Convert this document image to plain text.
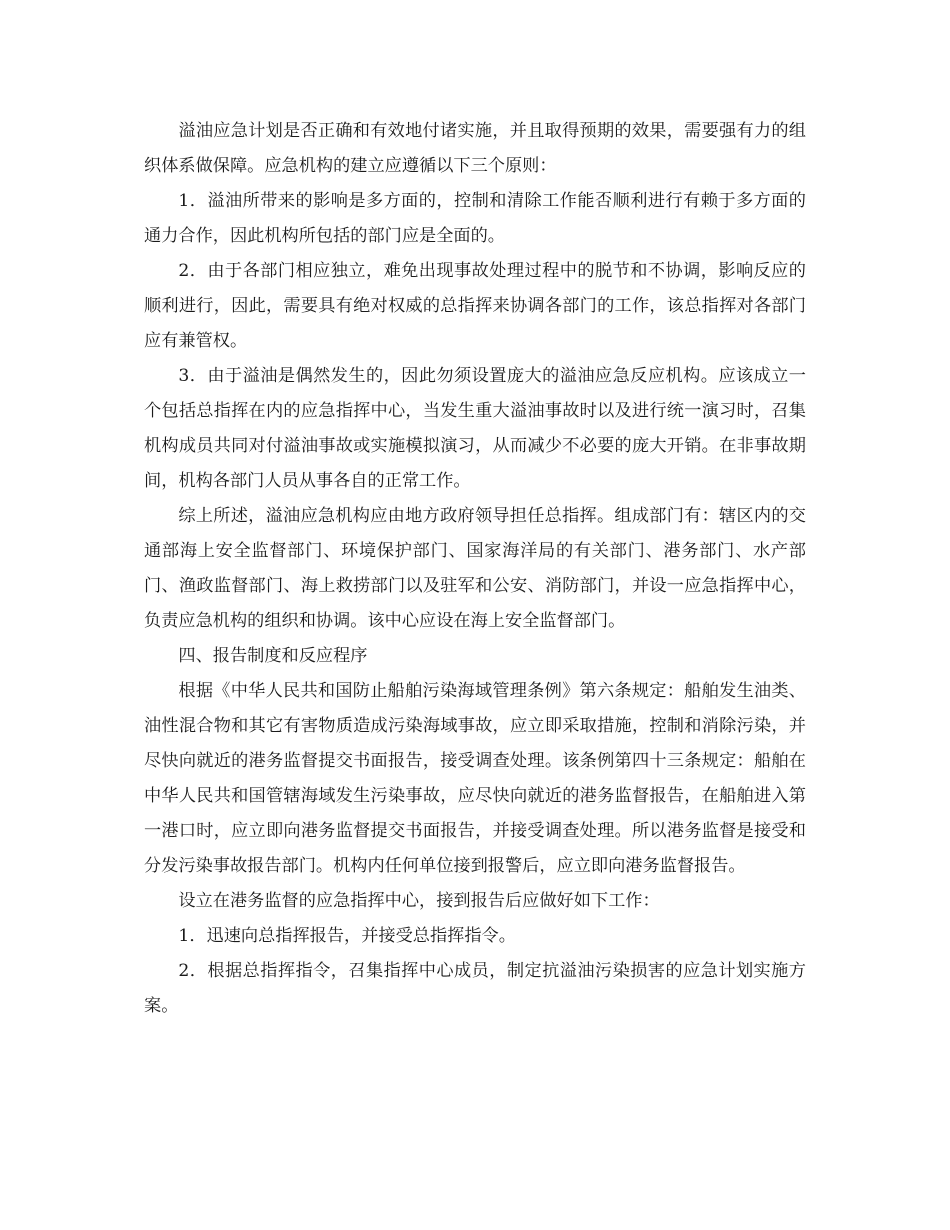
溢油应急计划是否正确和有效地付诸实施，并且取得预期的效果，需要强有力的组织体系做保障。应急机构的建立应遵循以下三个原则：

1．溢油所带来的影响是多方面的，控制和清除工作能否顺利进行有赖于多方面的通力合作，因此机构所包括的部门应是全面的。

2．由于各部门相应独立，难免出现事故处理过程中的脱节和不协调，影响反应的顺利进行，因此，需要具有绝对权威的总指挥来协调各部门的工作，该总指挥对各部门应有兼管权。

3．由于溢油是偶然发生的，因此勿须设置庞大的溢油应急反应机构。应该成立一个包括总指挥在内的应急指挥中心，当发生重大溢油事故时以及进行统一演习时，召集机构成员共同对付溢油事故或实施模拟演习，从而减少不必要的庞大开销。在非事故期间，机构各部门人员从事各自的正常工作。

综上所述，溢油应急机构应由地方政府领导担任总指挥。组成部门有：辖区内的交通部海上安全监督部门、环境保护部门、国家海洋局的有关部门、港务部门、水产部门、渔政监督部门、海上救捞部门以及驻军和公安、消防部门，并设一应急指挥中心，负责应急机构的组织和协调。该中心应设在海上安全监督部门。

四、报告制度和反应程序

根据《中华人民共和国防止船舶污染海域管理条例》第六条规定：船舶发生油类、油性混合物和其它有害物质造成污染海域事故，应立即采取措施，控制和消除污染，并尽快向就近的港务监督提交书面报告，接受调查处理。该条例第四十三条规定：船舶在中华人民共和国管辖海域发生污染事故，应尽快向就近的港务监督报告，在船舶进入第一港口时，应立即向港务监督提交书面报告，并接受调查处理。所以港务监督是接受和分发污染事故报告部门。机构内任何单位接到报警后，应立即向港务监督报告。

设立在港务监督的应急指挥中心，接到报告后应做好如下工作：

1．迅速向总指挥报告，并接受总指挥指令。

2．根据总指挥指令，召集指挥中心成员，制定抗溢油污染损害的应急计划实施方案。
